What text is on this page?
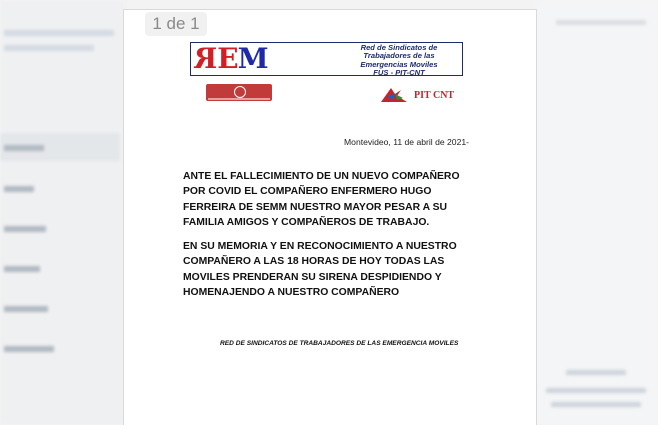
1 de 1
REM	Red de Sindicatos de
Trabajadores de las
Emergencias Moviles
FUS - PIT-CNT
PIT CNT
Montevideo, 11 de abril de 2021-
ANTE EL FALLECIMIENTO DE UN NUEVO COMPAÑERO
POR COVID EL COMPAÑERO ENFERMERO HUGO
FERREIRA DE SEMM NUESTRO MAYOR PESAR A SU
FAMILIA AMIGOS Y COMPAÑEROS DE TRABAJO.
EN SU MEMORIA Y EN RECONOCIMIENTO A NUESTRO
COMPAÑERO A LAS 18 HORAS DE HOY TODAS LAS
MOVILES PRENDERAN SU SIRENA DESPIDIENDO Y
HOMENAJENDO A NUESTRO COMPAÑERO
RED DE SINDICATOS DE TRABAJADORES DE LAS EMERGENCIA MOVILES
